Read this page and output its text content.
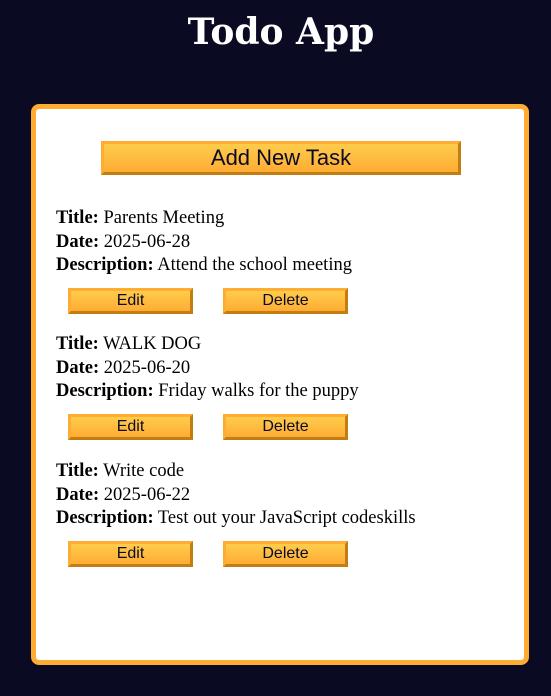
Todo App
Add New Task

Title: Parents Meeting

Date: 2025-06-28

Description: Attend the school meeting

Edit	Delete

Title: WALK DOG

Date: 2025-06-20

Description: Friday walks for the puppy

Edit	Delete

Title: Write code

Date: 2025-06-22

Description: Test out your JavaScript codeskills

Edit	Delete
